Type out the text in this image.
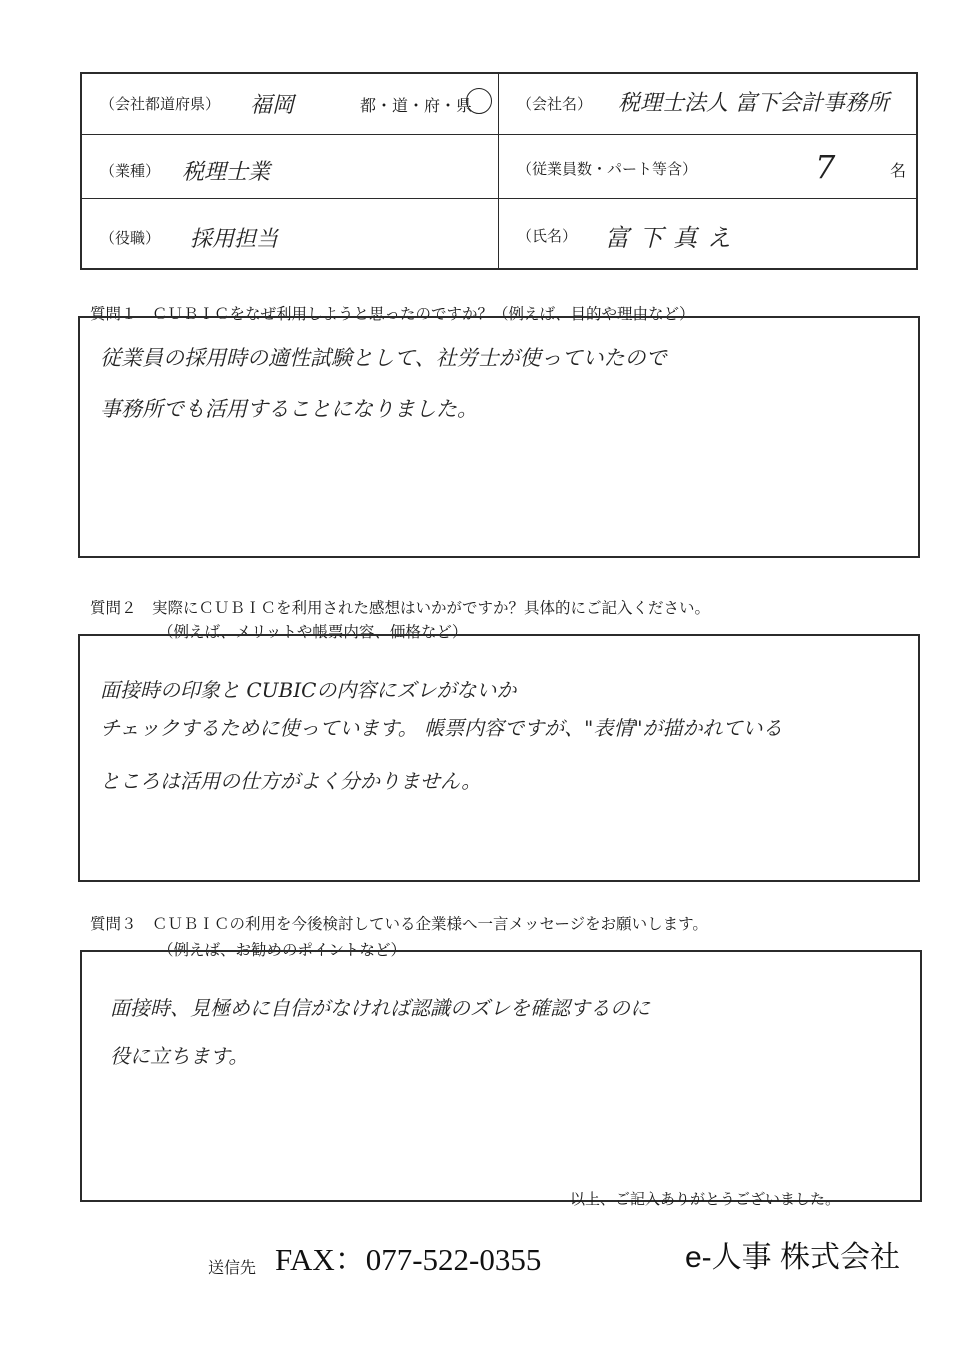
（会社都道府県） 福岡	都・道・府・県	（会社名） 税理士法人 富下会計事務所
（業種） 税理士業	（従業員数・パート等含）	7	名
（役職） 採用担当	（氏名） 富下真え
質問１　ＣＵＢＩＣをなぜ利用しようと思ったのですか？（例えば、目的や理由など）
従業員の採用時の適性試験として、社労士が使っていたので
事務所でも活用することになりました。
質問２　実際にＣＵＢＩＣを利用された感想はいかがですか？具体的にご記入ください。
（例えば、メリットや帳票内容、価格など）
面接時の印象と CUBICの内容にズレがないか
チェックするために使っています。 帳票内容ですが、"表情"が描かれている
ところは活用の仕方がよく分かりません。
質問３　ＣＵＢＩＣの利用を今後検討している企業様へ一言メッセージをお願いします。
（例えば、お勧めのポイントなど）
面接時、見極めに自信がなければ認識のズレを確認するのに
役に立ちます。
以上、ご記入ありがとうございました。
送信先 FAX：077-522-0355	e-人事 株式会社
